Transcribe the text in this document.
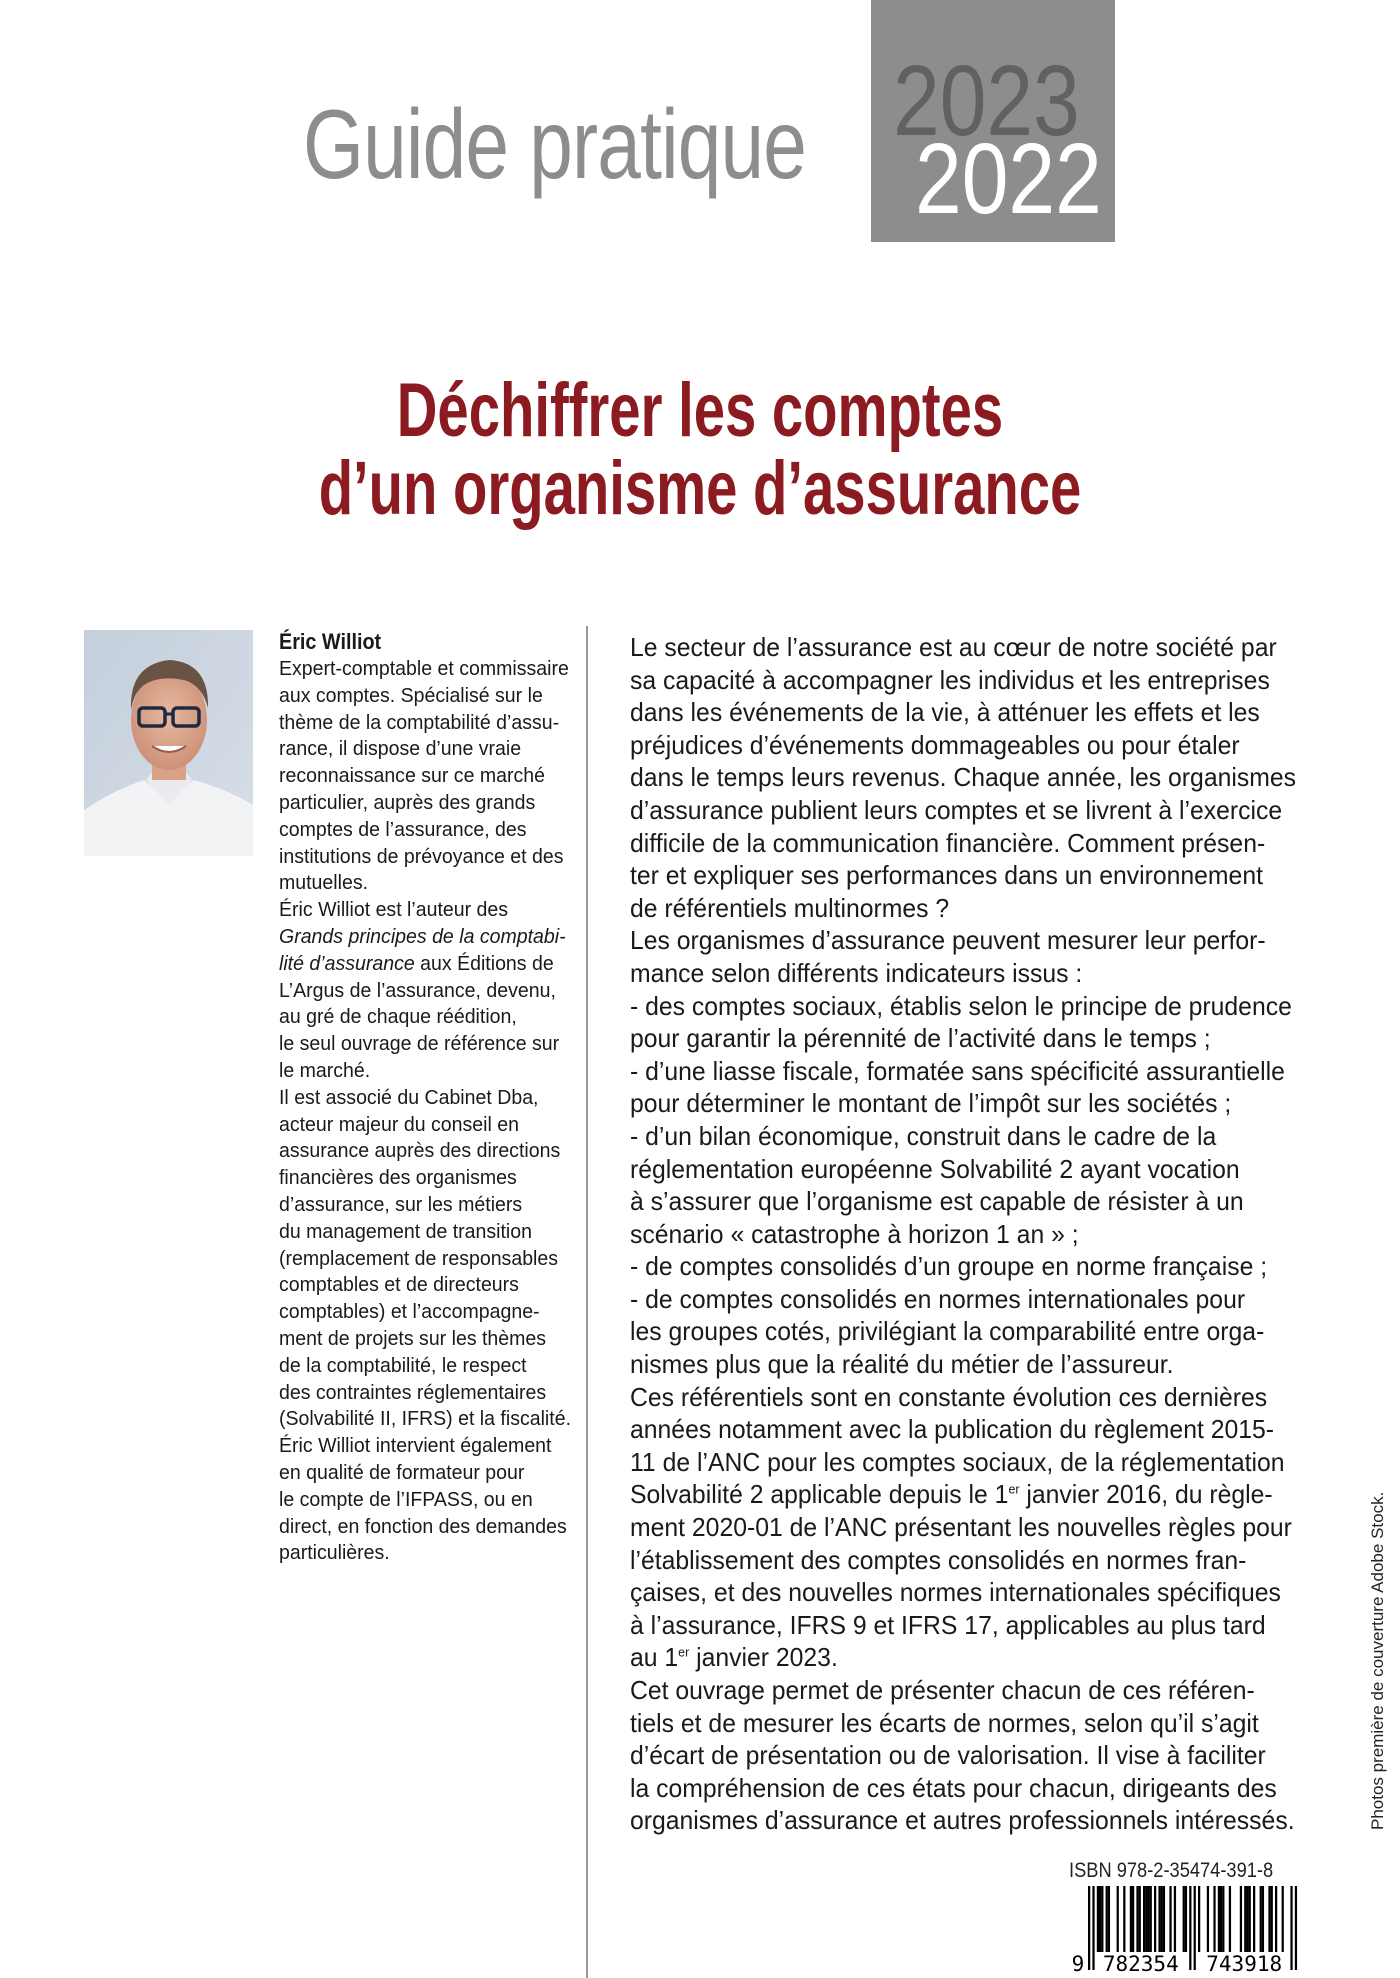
Guide pratique 2023
2022
Déchiffrer les comptes
d’un organisme d’assurance
Éric Williot
Expert-comptable et commissaire
aux comptes. Spécialisé sur le
thème de la comptabilité d’assu-
rance, il dispose d’une vraie
reconnaissance sur ce marché
particulier, auprès des grands
comptes de l’assurance, des
institutions de prévoyance et des
mutuelles.
Éric Williot est l’auteur des
Grands principes de la comptabi-
lité d’assurance aux Éditions de
L’Argus de l’assurance, devenu,
au gré de chaque réédition,
le seul ouvrage de référence sur
le marché.
Il est associé du Cabinet Dba,
acteur majeur du conseil en
assurance auprès des directions
financières des organismes
d’assurance, sur les métiers
du management de transition
(remplacement de responsables
comptables et de directeurs
comptables) et l’accompagne-
ment de projets sur les thèmes
de la comptabilité, le respect
des contraintes réglementaires
(Solvabilité II, IFRS) et la fiscalité.
Éric Williot intervient également
en qualité de formateur pour
le compte de l’IFPASS, ou en
direct, en fonction des demandes
particulières.
Le secteur de l’assurance est au cœur de notre société par
sa capacité à accompagner les individus et les entreprises
dans les événements de la vie, à atténuer les effets et les
préjudices d’événements dommageables ou pour étaler
dans le temps leurs revenus. Chaque année, les organismes
d’assurance publient leurs comptes et se livrent à l’exercice
difficile de la communication financière. Comment présen-
ter et expliquer ses performances dans un environnement
de référentiels multinormes ?
Les organismes d’assurance peuvent mesurer leur perfor-
mance selon différents indicateurs issus :
- des comptes sociaux, établis selon le principe de prudence
pour garantir la pérennité de l’activité dans le temps ;
- d’une liasse fiscale, formatée sans spécificité assurantielle
pour déterminer le montant de l’impôt sur les sociétés ;
- d’un bilan économique, construit dans le cadre de la
réglementation européenne Solvabilité 2 ayant vocation
à s’assurer que l’organisme est capable de résister à un
scénario « catastrophe à horizon 1 an » ;
- de comptes consolidés d’un groupe en norme française ;
- de comptes consolidés en normes internationales pour
les groupes cotés, privilégiant la comparabilité entre orga-
nismes plus que la réalité du métier de l’assureur.
Ces référentiels sont en constante évolution ces dernières
années notamment avec la publication du règlement 2015-
11 de l’ANC pour les comptes sociaux, de la réglementation
Solvabilité 2 applicable depuis le 1er janvier 2016, du règle-
ment 2020-01 de l’ANC présentant les nouvelles règles pour
l’établissement des comptes consolidés en normes fran-
çaises, et des nouvelles normes internationales spécifiques
à l’assurance, IFRS 9 et IFRS 17, applicables au plus tard
au 1er janvier 2023.
Cet ouvrage permet de présenter chacun de ces référen-
tiels et de mesurer les écarts de normes, selon qu’il s’agit
d’écart de présentation ou de valorisation. Il vise à faciliter
la compréhension de ces états pour chacun, dirigeants des
organismes d’assurance et autres professionnels intéressés.	Photos première de couverture Adobe Stock.
ISBN 978-2-35474-391-8
9 782354 743918
